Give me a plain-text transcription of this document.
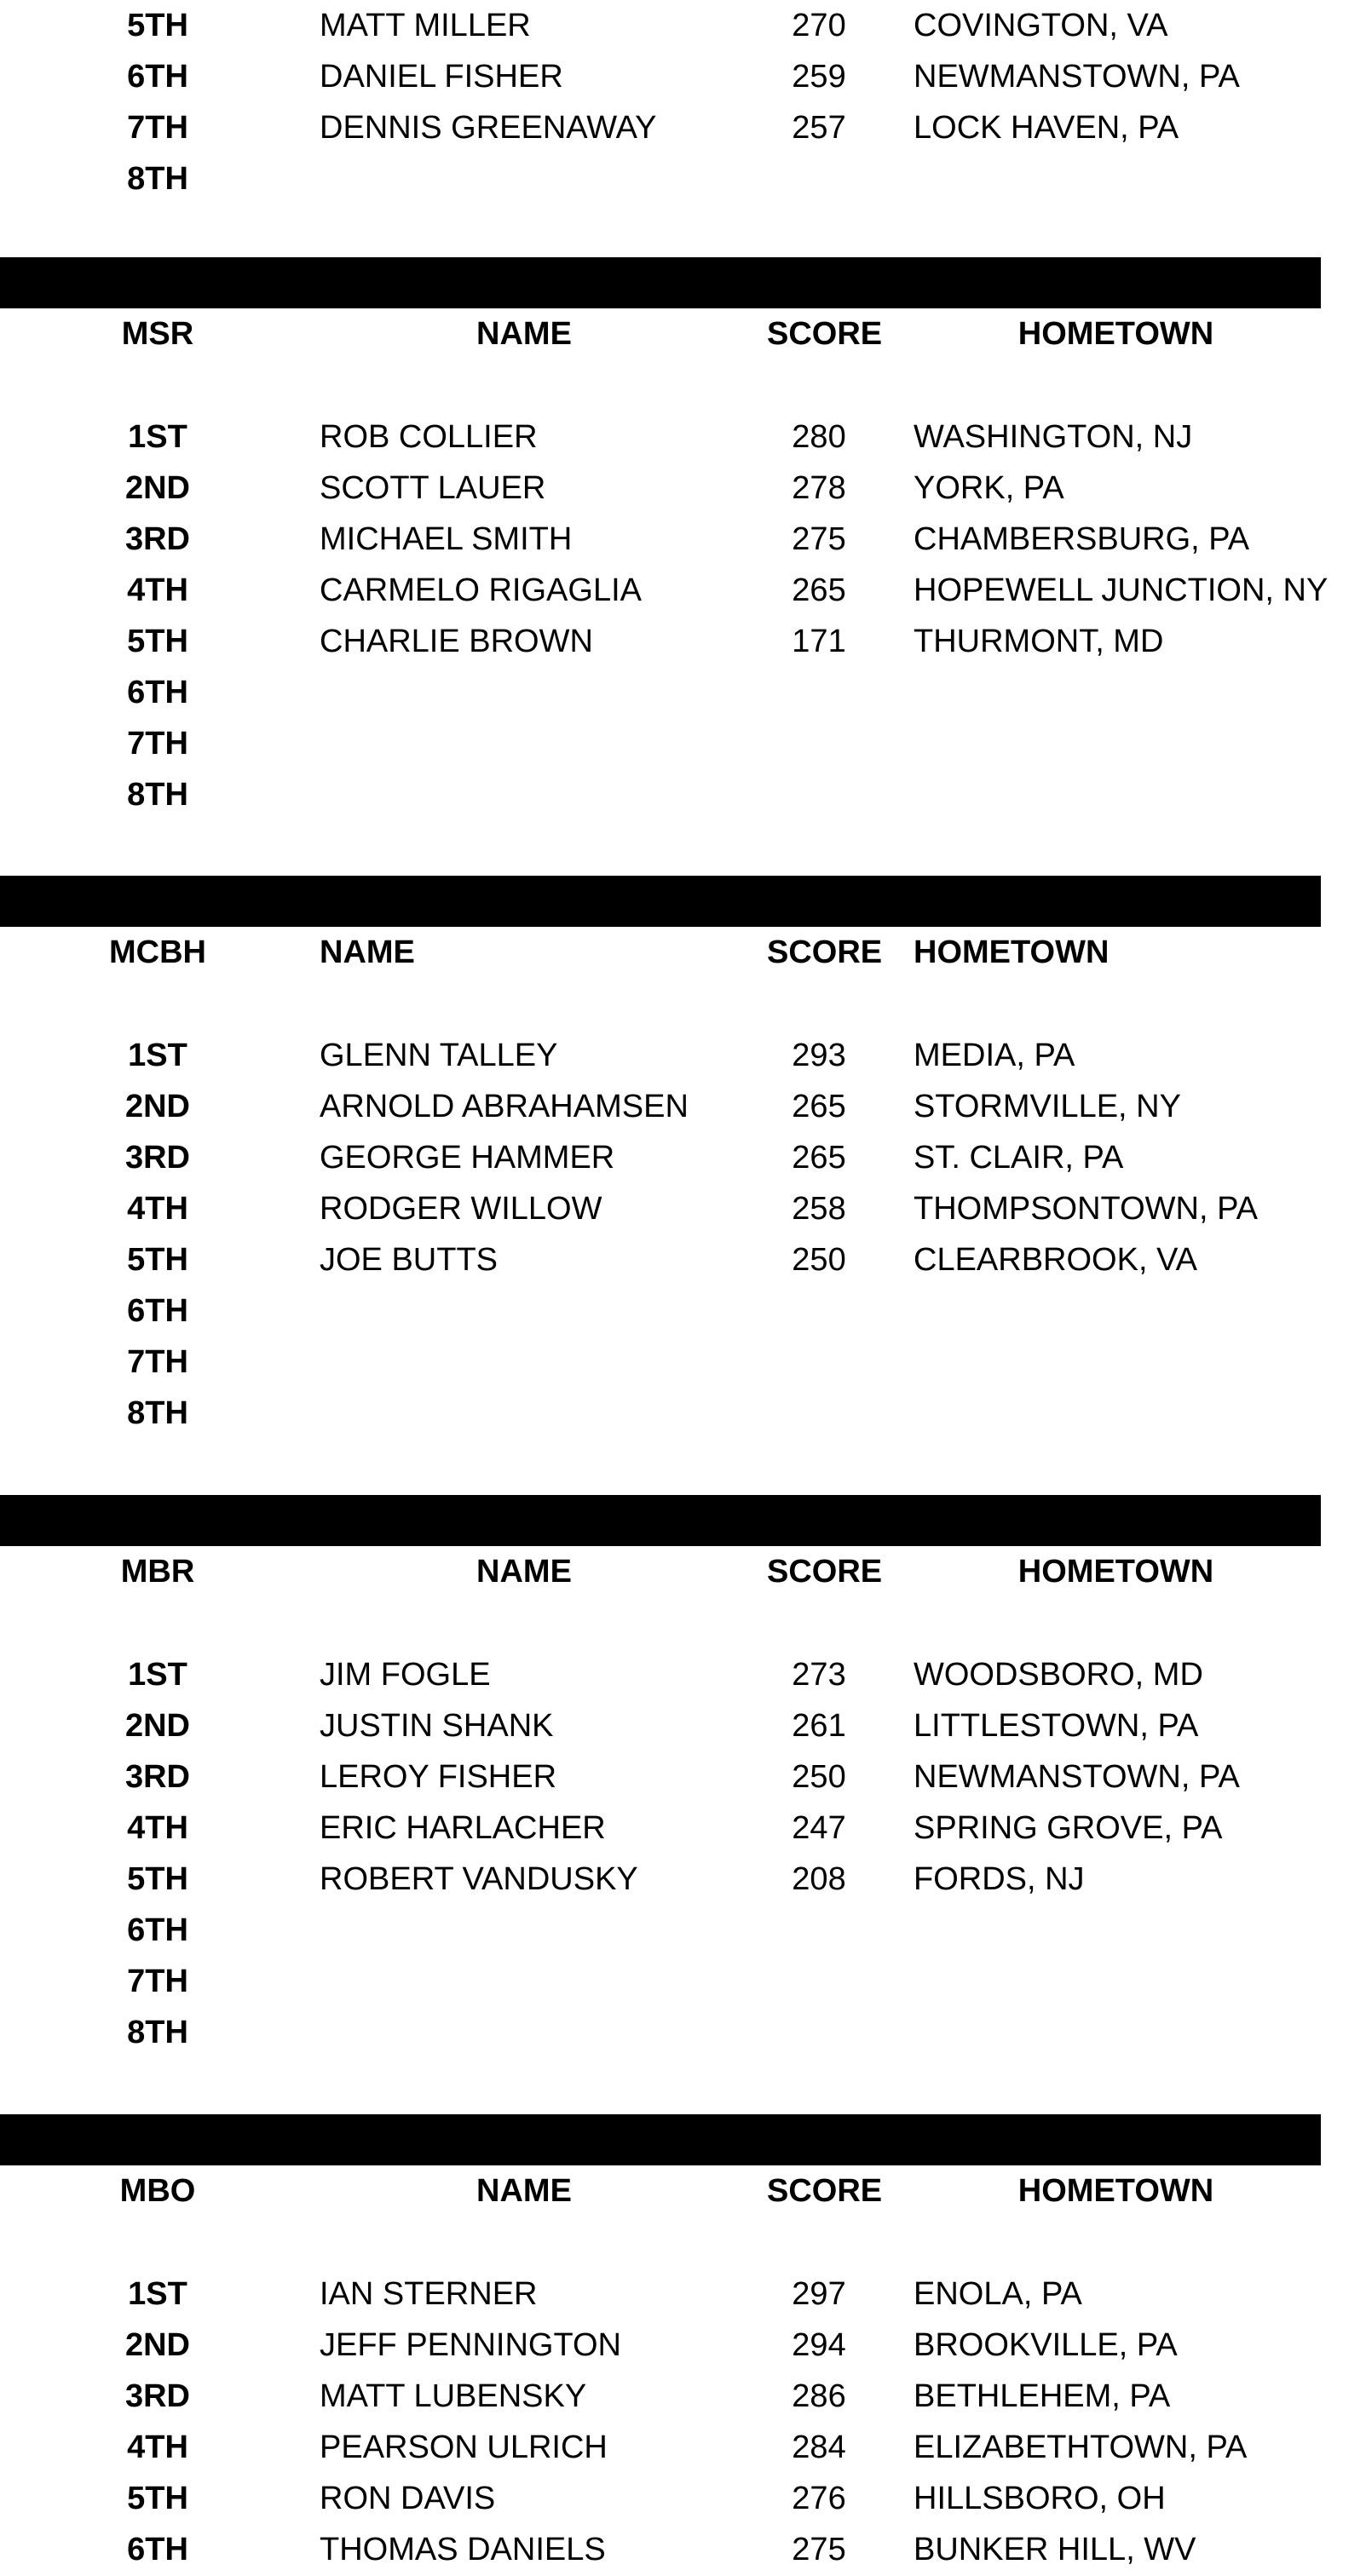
5TH	MATT MILLER	270	COVINGTON, VA
6TH	DANIEL FISHER	259	NEWMANSTOWN, PA
7TH	DENNIS GREENAWAY	257	LOCK HAVEN, PA
8TH
MSR	NAME	SCORE	HOMETOWN
1ST	ROB COLLIER	280	WASHINGTON, NJ
2ND	SCOTT LAUER	278	YORK, PA
3RD	MICHAEL SMITH	275	CHAMBERSBURG, PA
4TH	CARMELO RIGAGLIA	265	HOPEWELL JUNCTION, NY
5TH	CHARLIE BROWN	171	THURMONT, MD
6TH
7TH
8TH
MCBH	NAME	SCORE HOMETOWN
1ST	GLENN TALLEY	293	MEDIA, PA
2ND	ARNOLD ABRAHAMSEN	265	STORMVILLE, NY
3RD	GEORGE HAMMER	265	ST. CLAIR, PA
4TH	RODGER WILLOW	258	THOMPSONTOWN, PA
5TH	JOE BUTTS	250	CLEARBROOK, VA
6TH
7TH
8TH
MBR	NAME	SCORE	HOMETOWN
1ST	JIM FOGLE	273	WOODSBORO, MD
2ND	JUSTIN SHANK	261	LITTLESTOWN, PA
3RD	LEROY FISHER	250	NEWMANSTOWN, PA
4TH	ERIC HARLACHER	247	SPRING GROVE, PA
5TH	ROBERT VANDUSKY	208	FORDS, NJ
6TH
7TH
8TH
MBO	NAME	SCORE	HOMETOWN
1ST	IAN STERNER	297	ENOLA, PA
2ND	JEFF PENNINGTON	294	BROOKVILLE, PA
3RD	MATT LUBENSKY	286	BETHLEHEM, PA
4TH	PEARSON ULRICH	284	ELIZABETHTOWN, PA
5TH	RON DAVIS	276	HILLSBORO, OH
6TH	THOMAS DANIELS	275	BUNKER HILL, WV
